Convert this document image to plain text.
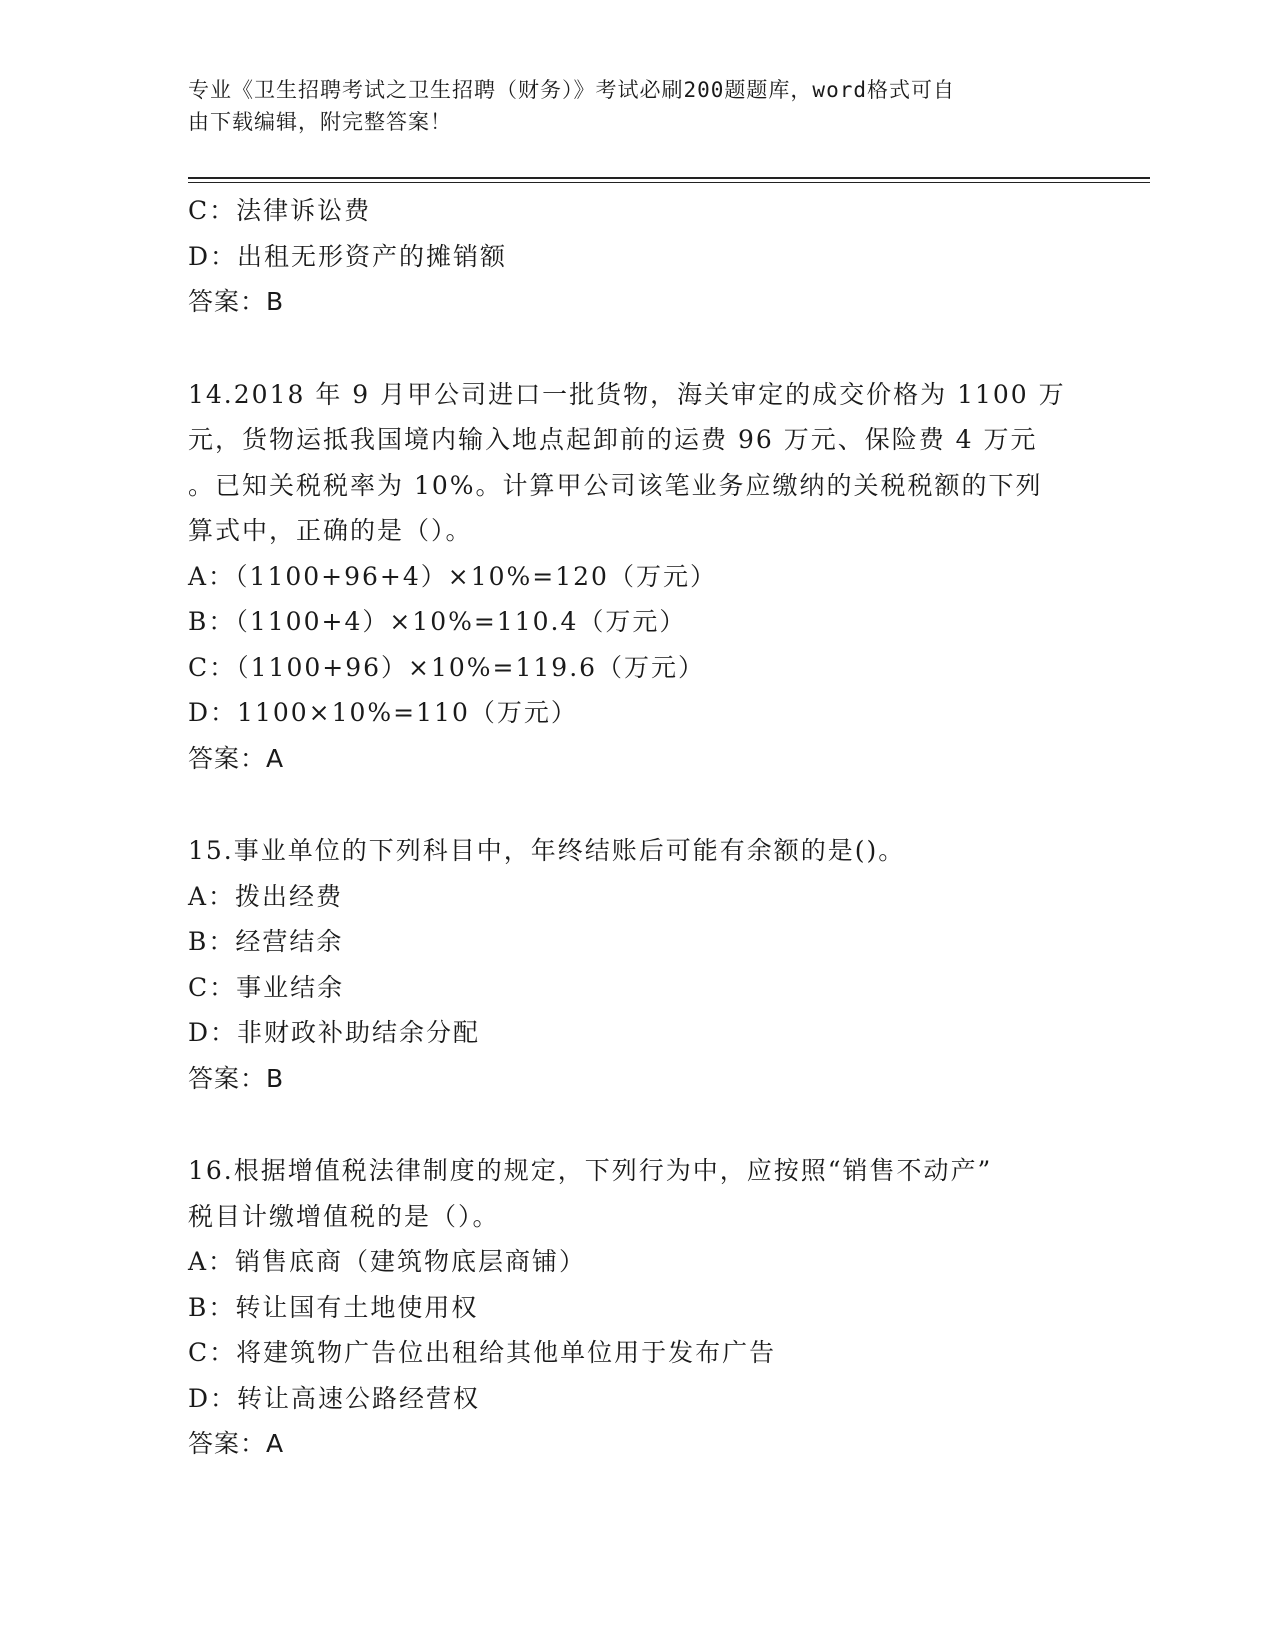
专业《卫生招聘考试之卫生招聘（财务）》考试必刷200题题库，word格式可自
由下载编辑，附完整答案！
C：法律诉讼费
D：出租无形资产的摊销额
答案：B
14.2018 年 9 月甲公司进口一批货物，海关审定的成交价格为 1100 万
元，货物运抵我国境内输入地点起卸前的运费 96 万元、保险费 4 万元
。已知关税税率为 10%。计算甲公司该笔业务应缴纳的关税税额的下列
算式中，正确的是（）。
A：（1100+96+4）×10%=120（万元）
B：（1100+4）×10%=110.4（万元）
C：（1100+96）×10%=119.6（万元）
D：1100×10%=110（万元）
答案：A
15.事业单位的下列科目中，年终结账后可能有余额的是()。
A：拨出经费
B：经营结余
C：事业结余
D：非财政补助结余分配
答案：B
16.根据增值税法律制度的规定，下列行为中，应按照“销售不动产”
税目计缴增值税的是（）。
A：销售底商（建筑物底层商铺）
B：转让国有土地使用权
C：将建筑物广告位出租给其他单位用于发布广告
D：转让高速公路经营权
答案：A
